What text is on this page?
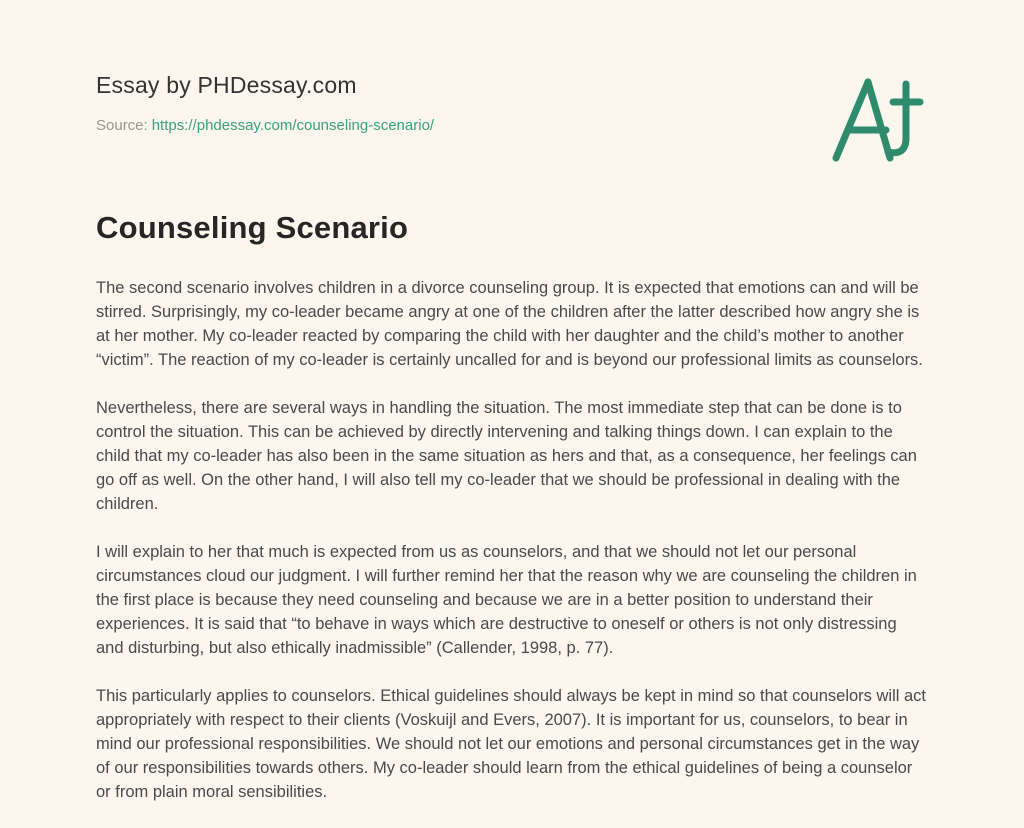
Essay by PHDessay.com
Source: https://phdessay.com/counseling-scenario/
Counseling Scenario

The second scenario involves children in a divorce counseling group. It is expected that emotions can and will be stirred. Surprisingly, my co-leader became angry at one of the children after the latter described how angry she is at her mother. My co-leader reacted by comparing the child with her daughter and the child’s mother to another “victim”. The reaction of my co-leader is certainly uncalled for and is beyond our professional limits as counselors.

Nevertheless, there are several ways in handling the situation. The most immediate step that can be done is to control the situation. This can be achieved by directly intervening and talking things down. I can explain to the child that my co-leader has also been in the same situation as hers and that, as a consequence, her feelings can go off as well. On the other hand, I will also tell my co-leader that we should be professional in dealing with the children.

I will explain to her that much is expected from us as counselors, and that we should not let our personal circumstances cloud our judgment. I will further remind her that the reason why we are counseling the children in the first place is because they need counseling and because we are in a better position to understand their experiences. It is said that “to behave in ways which are destructive to oneself or others is not only distressing and disturbing, but also ethically inadmissible” (Callender, 1998, p. 77).

This particularly applies to counselors. Ethical guidelines should always be kept in mind so that counselors will act appropriately with respect to their clients (Voskuijl and Evers, 2007). It is important for us, counselors, to bear in mind our professional responsibilities. We should not let our emotions and personal circumstances get in the way of our responsibilities towards others. My co-leader should learn from the ethical guidelines of being a counselor or from plain moral sensibilities.
